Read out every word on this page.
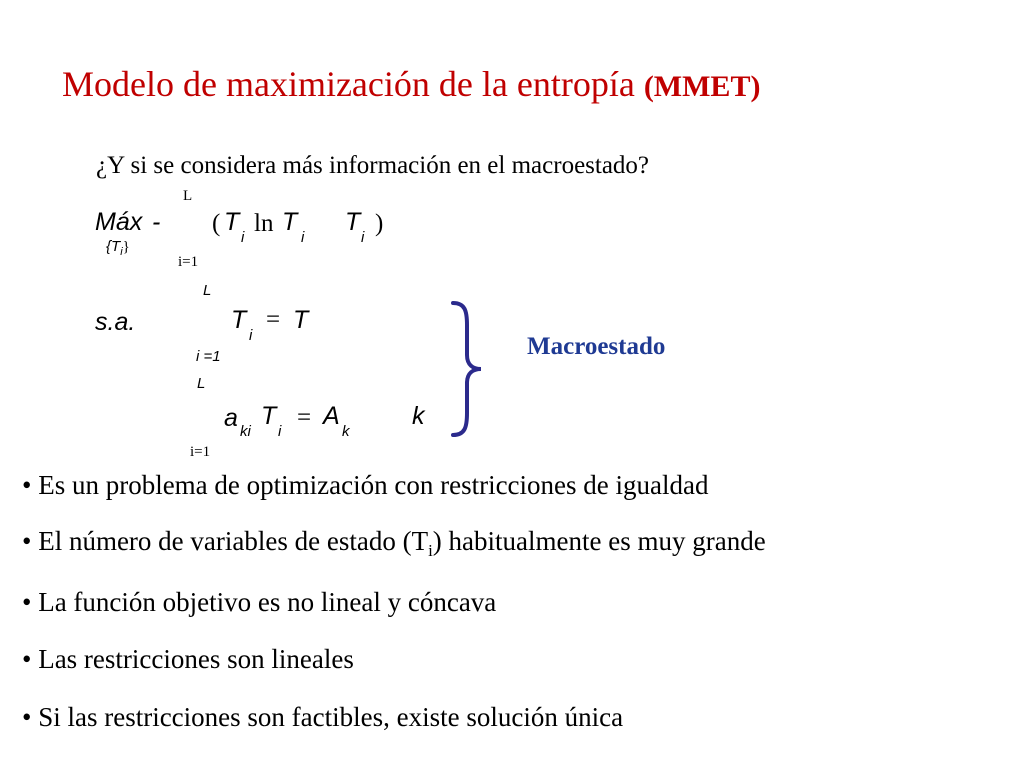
Modelo de maximización de la entropía (MMET)
¿Y si se considera más información en el macroestado?
Máx -
$\{T_i\}$
L
i=1
( T
i
ln T
i
T
i
)
s.a.
L
i =1
T
i
= T
L
i=1
a ki
T
i
= A
k
k
Macroestado
• Es un problema de optimización con restricciones de igualdad
• El número de variables de estado $(T_i)$ habitualmente es muy grande
• La función objetivo es no lineal y cóncava
• Las restricciones son lineales
• Si las restricciones son factibles, existe solución única
